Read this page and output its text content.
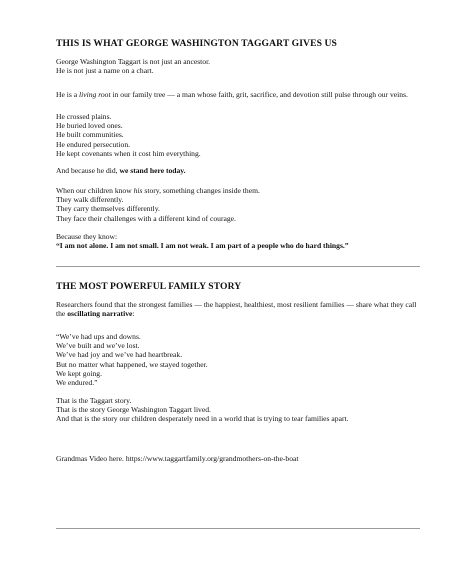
THIS IS WHAT GEORGE WASHINGTON TAGGART GIVES US
George Washington Taggart is not just an ancestor.
He is not just a name on a chart.

He is a living root in our family tree — a man whose faith, grit, sacrifice, and devotion still pulse through our veins.

He crossed plains.
He buried loved ones.
He built communities.
He endured persecution.
He kept covenants when it cost him everything.

And because he did, we stand here today.

When our children know his story, something changes inside them.
They walk differently.
They carry themselves differently.
They face their challenges with a different kind of courage.
Because they know:
“I am not alone. I am not small. I am not weak. I am part of a people who do hard things.”
THE MOST POWERFUL FAMILY STORY

Researchers found that the strongest families — the happiest, healthiest, most resilient families — share what they call the oscillating narrative:

“We’ve had ups and downs.
We’ve built and we’ve lost.
We’ve had joy and we’ve had heartbreak.
But no matter what happened, we stayed together.
We kept going.
We endured.”
That is the Taggart story.
That is the story George Washington Taggart lived.
And that is the story our children desperately need in a world that is trying to tear families apart.

Grandmas Video here. https://www.taggartfamily.org/grandmothers-on-the-boat
